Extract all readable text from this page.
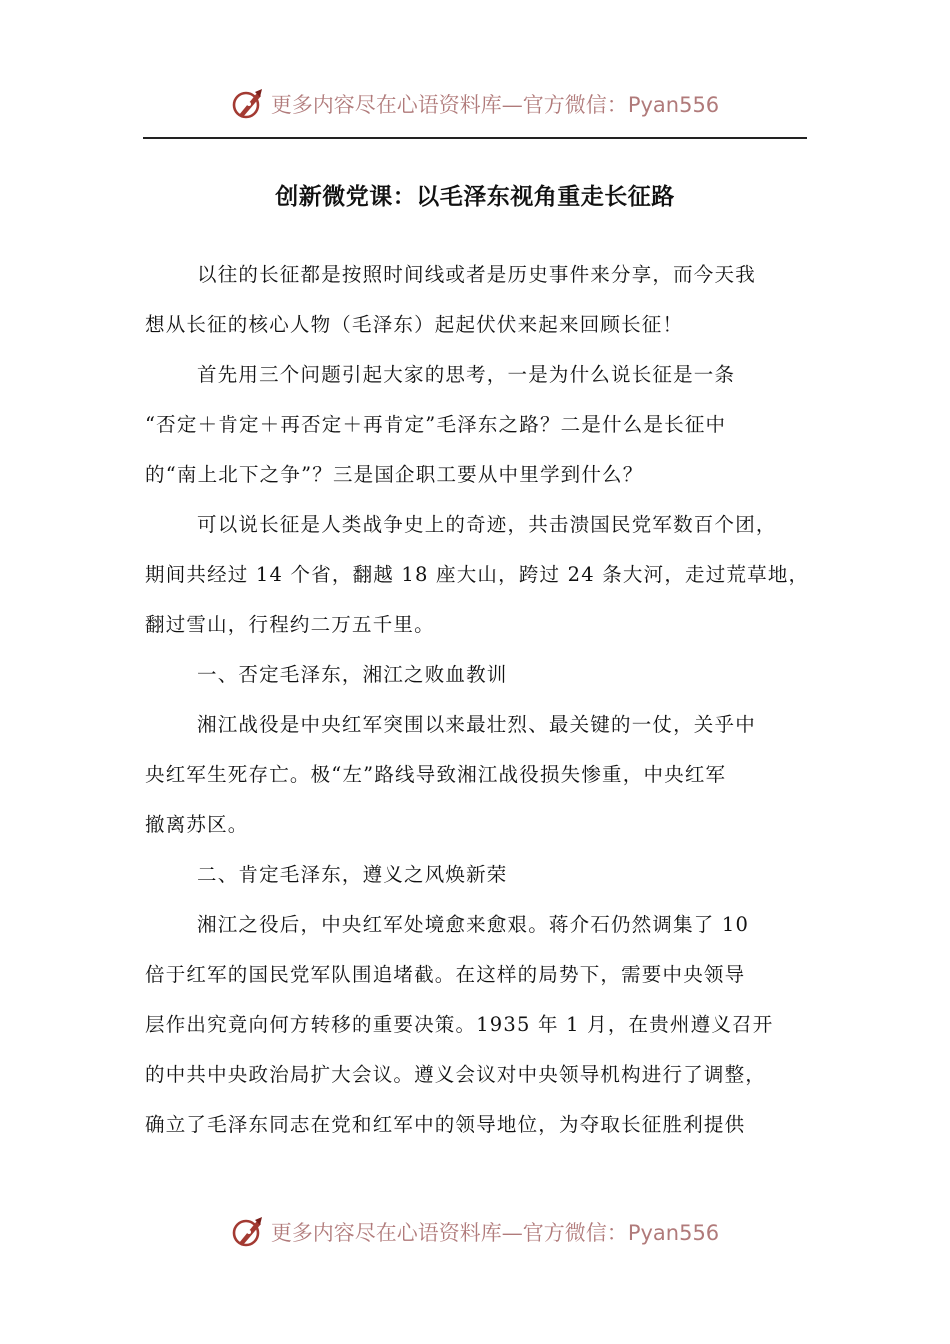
更多内容尽在心语资料库—官方微信：Pyan556
创新微党课：以毛泽东视角重走长征路
以往的长征都是按照时间线或者是历史事件来分享，而今天我
想从长征的核心人物（毛泽东）起起伏伏来起来回顾长征！
首先用三个问题引起大家的思考，一是为什么说长征是一条
“否定＋肯定＋再否定＋再肯定”毛泽东之路？二是什么是长征中
的“南上北下之争”？三是国企职工要从中里学到什么？
可以说长征是人类战争史上的奇迹，共击溃国民党军数百个团，
期间共经过 14 个省，翻越 18 座大山，跨过 24 条大河，走过荒草地，
翻过雪山，行程约二万五千里。
一、否定毛泽东，湘江之败血教训
湘江战役是中央红军突围以来最壮烈、最关键的一仗，关乎中
央红军生死存亡。极“左”路线导致湘江战役损失惨重，中央红军
撤离苏区。
二、肯定毛泽东，遵义之风焕新荣
湘江之役后，中央红军处境愈来愈艰。蒋介石仍然调集了 10
倍于红军的国民党军队围追堵截。在这样的局势下，需要中央领导
层作出究竟向何方转移的重要决策。1935 年 1 月，在贵州遵义召开
的中共中央政治局扩大会议。遵义会议对中央领导机构进行了调整，
确立了毛泽东同志在党和红军中的领导地位，为夺取长征胜利提供
更多内容尽在心语资料库—官方微信：Pyan556
